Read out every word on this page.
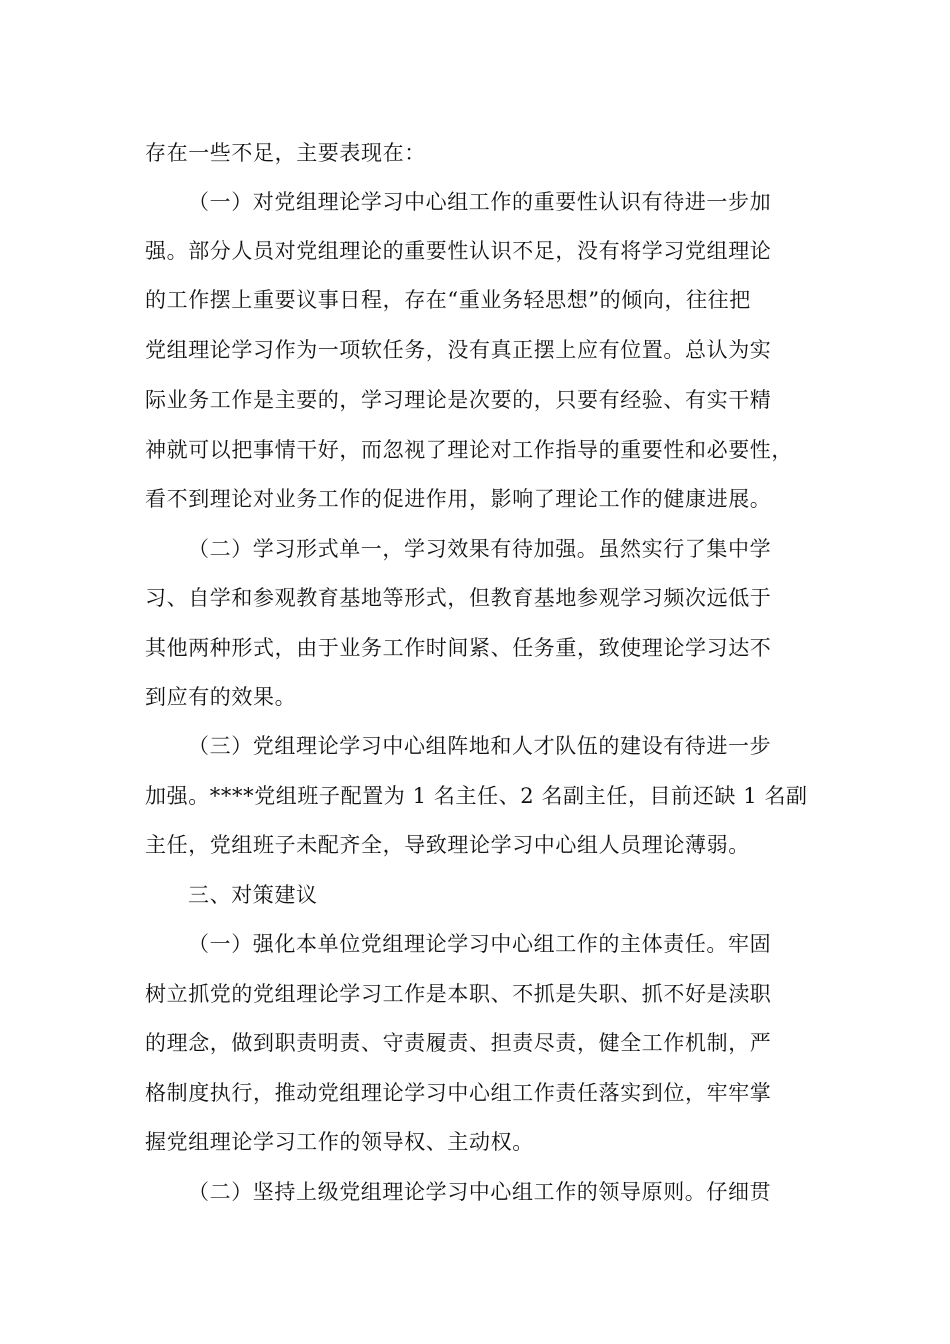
存在一些不足，主要表现在：
（一）对党组理论学习中心组工作的重要性认识有待进一步加
强。部分人员对党组理论的重要性认识不足，没有将学习党组理论
的工作摆上重要议事日程，存在“重业务轻思想”的倾向，往往把
党组理论学习作为一项软任务，没有真正摆上应有位置。总认为实
际业务工作是主要的，学习理论是次要的，只要有经验、有实干精
神就可以把事情干好，而忽视了理论对工作指导的重要性和必要性，
看不到理论对业务工作的促进作用，影响了理论工作的健康进展。
（二）学习形式单一，学习效果有待加强。虽然实行了集中学
习、自学和参观教育基地等形式，但教育基地参观学习频次远低于
其他两种形式，由于业务工作时间紧、任务重，致使理论学习达不
到应有的效果。
（三）党组理论学习中心组阵地和人才队伍的建设有待进一步
加强。****党组班子配置为 1 名主任、2 名副主任，目前还缺 1 名副
主任，党组班子未配齐全，导致理论学习中心组人员理论薄弱。
三、对策建议
（一）强化本单位党组理论学习中心组工作的主体责任。牢固
树立抓党的党组理论学习工作是本职、不抓是失职、抓不好是渎职
的理念，做到职责明责、守责履责、担责尽责，健全工作机制，严
格制度执行，推动党组理论学习中心组工作责任落实到位，牢牢掌
握党组理论学习工作的领导权、主动权。
（二）坚持上级党组理论学习中心组工作的领导原则。仔细贯
